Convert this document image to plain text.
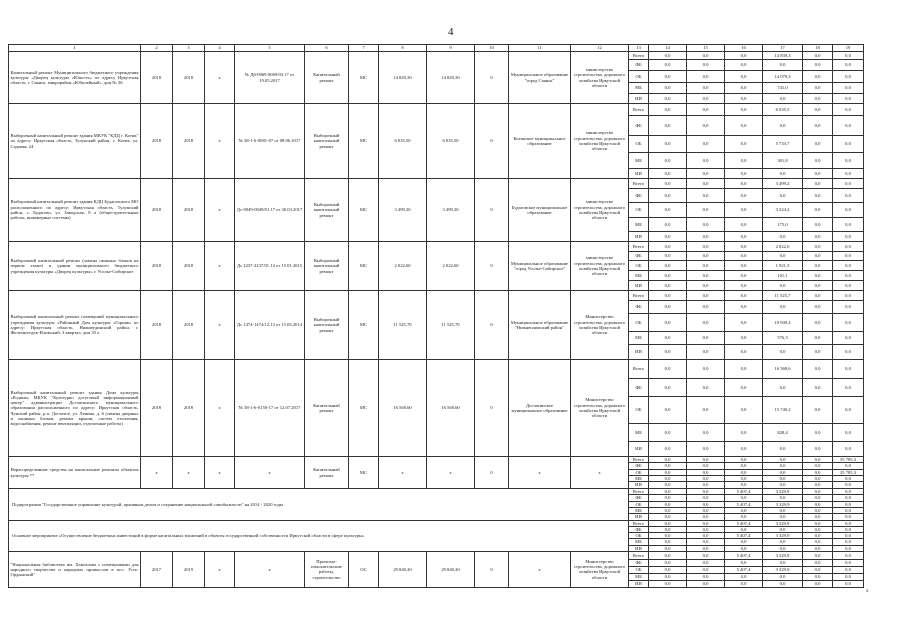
4
1	2	3	4	5	6	7	8	9	10	11	12	13	14	15	16	17	18	19
Капитальный ремонт Муниципального бюджетного учреждения культуры «Дворец культуры «Юность» по адресу Иркутская область, г. Саянск, микрорайон «Юбилейный», дом № 36	2018	2018	х	№ Д6-0069-0069/03.17 от 19.05.2017	Капитальный ремонт	МС	14 820,30	14 820,30	0	Муниципальное образование "город Саянск"	министерство строительства, дорожного хозяйства Иркутской области	Всего	0,0	0,0	0,0	14 839,3	0,0	0,0
												ФБ	0,0	0,0	0,0	0,0	0,0	0,0
												ОБ	0,0	0,0	0,0	14 079,3	0,0	0,0
												МБ	0,0	0,0	0,0	741,0	0,0	0,0
												ИИ	0,0	0,0	0,0	0,0	0,0	0,0
Выборочный капитальный ремонт здания МКУК "КДЦ г. Котик" по адресу: Иркутская область, Тулунский район, с. Котик, ул. Садовая, 24	2018	2018	х	№ 38-1-6-0081-07 от 08.06.2017	Выборочный капитальный ремонт	МС	6 035,50	6 035,50	0	Котикское муниципальное образование	министерство строительства, дорожного хозяйства Иркутской области	Всего	0,0	0,0	0,0	6 035,5	0,0	0,0
												ФБ	0,0	0,0	0,0	0,0	0,0	0,0
												ОБ	0,0	0,0	0,0	5 733,7	0,0	0,0
												МБ	0,0	0,0	0,0	301,8	0,0	0,0
												ИИ	0,0	0,0	0,0	0,0	0,0	0,0
Выборочный капитальный ремонт здания КДЦ Будаговского МО расположенного по адресу: Иркутская область, Тулунский район, с. Будагово, ул. Заводская, 8 а (общестроительные работы, инженерные системы)	2018	2018	х	Дс-0049-0049/01.17 от 30.03.2017	Выборочный капитальный ремонт	МС	3 499,20	3 499,20	0	Будаговское муниципальное образование	министерство строительства, дорожного хозяйства Иркутской области	Всего	0,0	0,0	0,0	3 499,2	0,0	0,0
												ФБ	0,0	0,0	0,0	0,0	0,0	0,0
												ОБ	0,0	0,0	0,0	3 324,2	0,0	0,0
												МБ	0,0	0,0	0,0	175,0	0,0	0,0
												ИИ	0,0	0,0	0,0	0,0	0,0	0,0
Выборочный капитальный ремонт (замена оконных блоков на первом этаже) в здании муниципального бюджетного учреждения культуры «Дворец культуры» г. Усолье-Сибирское	2018	2018	х	Дс 2237-2237/01.14 от 15.01.2015	Выборочный капитальный ремонт	МС	2 022,60	2 022,60	0	Муниципальное образование "город Усолье-Сибирское"	министерство строительства, дорожного хозяйства Иркутской области	Всего	0,0	0,0	0,0	2 022,6	0,0	0,0
												ФБ	0,0	0,0	0,0	0,0	0,0	0,0
												ОБ	0,0	0,0	0,0	1 921,5	0,0	0,0
												МБ	0,0	0,0	0,0	101,1	0,0	0,0
												ИИ	0,0	0,0	0,0	0,0	0,0	0,0
Выборочный капитальный ремонт помещений муниципального учреждения культуры «Районный Дом культуры «Горняк» по адресу: Иркутская область, Нижнеудинский район, г. Железногорск-Илимский, 3 квартал, дом 35 а	2018	2018	х	Дс 1474-1474/12.13 от 15.05.2014	Выборочный капитальный ремонт	МС	11 525,70	11 525,70	0	Муниципальное образование "Нижнеилимский район"	Министерство строительства, дорожного хозяйства Иркутской области	Всего	0,0	0,0	0,0	11 525,7	0,0	0,0
												ФБ	0,0	0,0	0,0	0,0	0,0	0,0
												ОБ	0,0	0,0	0,0	10 949,4	0,0	0,0
												МБ	0,0	0,0	0,0	576,3	0,0	0,0
												ИИ	0,0	0,0	0,0	0,0	0,0	0,0
Выборочный капитальный ремонт здания Дома культуры «Родина» МКУК "Культурно досуговый информационный центр" администрации Досчатинского муниципального образования расположенного по адресу: Иркутская область, Чунский район, р.п. Досчатое, ул. Ленина, д. 6 (замена дверных и оконных блоков, ремонт крыши, систем отопления, водоснабжения, ремонт вентиляции, отделочные работы)	2018	2018	х	№ 38-1-6-0150-17 от 12.07.2017	Капитальный ремонт	МС	16 568,60	16 568,60	0	Досчатинское муниципальное образование	Министерство строительства, дорожного хозяйства Иркутской области	Всего	0,0	0,0	0,0	16 568,6	0,0	0,0
												ФБ	0,0	0,0	0,0	0,0	0,0	0,0
												ОБ	0,0	0,0	0,0	15 740,2	0,0	0,0
												МБ	0,0	0,0	0,0	828,4	0,0	0,0
												ИИ	0,0	0,0	0,0	0,0	0,0	0,0
Нераспределенные средства на капитальные ремонты объектов культуры **	х	х	х	х	Капитальный ремонт	МС	х	х	0	х	х	Всего	0,0	0,0	0,0	0,0	0,0	35 785,3
												ФБ	0,0	0,0	0,0	0,0	0,0	0,0
												ОБ	0,0	0,0	0,0	0,0	0,0	35 785,3
												МБ	0,0	0,0	0,0	0,0	0,0	0,0
												ИИ	0,0	0,0	0,0	0,0	0,0	0,0
Подпрограмма "Государственное управление культурой, архивным делом и сохранение национальной самобытности" на 2014 - 2020 годы												Всего	0,0	0,0	5 407,4	3 329,9	0,0	0,0
												ФБ	0,0	0,0	0,0	0,0	0,0	0,0
												ОБ	0,0	0,0	5 407,4	3 329,9	0,0	0,0
												МБ	0,0	0,0	0,0	0,0	0,0	0,0
												ИИ	0,0	0,0	0,0	0,0	0,0	0,0
Основное мероприятие «Осуществление бюджетных инвестиций в форме капитальных вложений в объекты государственной собственности Иркутской области в сфере культуры»												Всего	0,0	0,0	5 407,4	3 329,9	0,0	0,0
												ФБ	0,0	0,0	0,0	0,0	0,0	0,0
												ОБ	0,0	0,0	5 407,4	3 329,9	0,0	0,0
												МБ	0,0	0,0	0,0	0,0	0,0	0,0
												ИИ	0,0	0,0	0,0	0,0	0,0	0,0
"Национальная библиотека им. Хамгалова с помещениями для народного творчества и народных промыслов в пос. Усть-Ордынский"	2017	2019	х	х	Проектно-изыскательские работы, строительство	ОС	29 840,20	29 840,20	0	х	Министерство строительства, дорожного хозяйства Иркутской области	Всего	0,0	0,0	5 407,4	3 329,9	0,0	0,0
												ФБ	0,0	0,0	0,0	0,0	0,0	0,0
												ОБ	0,0	0,0	5 407,4	3 329,9	0,0	0,0
												МБ	0,0	0,0	0,0	0,0	0,0	0,0
												ИИ	0,0	0,0	0,0	0,0	0,0	0,0
х
